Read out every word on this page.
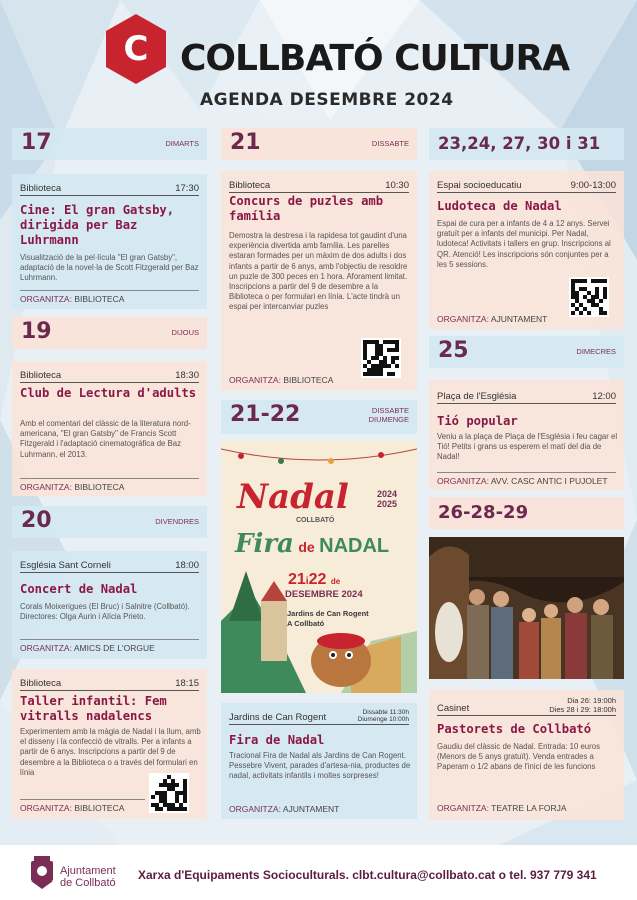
C COLLBATÓ CULTURA
AGENDA DESEMBRE 2024
17	DIMARTS
Biblioteca	17:30
Cine: El gran Gatsby, dirigida per Baz Luhrmann
Visualització de la pel·lícula "El gran Gatsby", adaptació de la novel·la de Scott Fitzgerald per Baz Luhrmann.
ORGANITZA: BIBLIOTECA
19	DIJOUS
Biblioteca	18:30
Club de Lectura d'adults
Amb el comentari del clàssic de la literatura nord-americana, "El gran Gatsby" de Francis Scott Fitzgerald i l'adaptació cinematogràfica de Baz Luhrmann, el 2013.
ORGANITZA: BIBLIOTECA
20	DIVENDRES
Església Sant Corneli	18:00
Concert de Nadal
Corals Moixerigues (El Bruc) i Salnitre (Collbató). Directores: Olga Aurin i Alícia Prieto.
ORGANITZA: AMICS DE L'ORGUE
Biblioteca	18:15
Taller infantil: Fem vitralls nadalencs
Experimentem amb la màgia de Nadal i la llum, amb el disseny i la confecció de vitralls. Per a infants a partir de 6 anys. Inscripcions a partir del 9 de desembre a la Biblioteca o a través del formulari en línia
ORGANITZA: BIBLIOTECA
21	DISSABTE
Biblioteca	10:30
Concurs de puzles amb família
Demostra la destresa i la rapidesa tot gaudint d'una experiència divertida amb família. Les parelles estaran formades per un màxim de dos adults i dos infants a partir de 6 anys, amb l'objectiu de resoldre un puzle de 300 peces en 1 hora. Aforament limitat. Inscripcions a partir del 9 de desembre a la Biblioteca o per formulari en línia. L'acte tindrà un espai per intercanviar puzles
ORGANITZA: BIBLIOTECA
21-22	DISSABTE
DIUMENGE
Nadal	2024
2025
COLLBATÓ
Fira de NADAL
21i22 de
DESEMBRE 2024
Jardins de Can Rogent
A Collbató
Jardins de Can Rogent	Dissabte 11:30h
Diumenge 10:00h
Fira de Nadal
Tracional Fira de Nadal als Jardins de Can Rogent. Pessebre Vivent, parades d'artesa-nia, productes de nadal, activitats infantils i moltes sorpreses!
ORGANITZA: AJUNTAMENT
23,24, 27, 30 i 31
Espai socioeducatiu	9:00-13:00
Ludoteca de Nadal
Espai de cura per a infants de 4 a 12 anys. Servei gratuït per a infants del municipi. Per Nadal, ludoteca! Activitats i tallers en grup. Inscripcions al QR. Atenció! Les inscripcions són conjuntes per a les 5 sessions.
ORGANITZA: AJUNTAMENT
25	DIMECRES
Plaça de l'Església	12:00
Tió popular
Veniu a la plaça de Plaça de l'Església i feu cagar el Tió! Petits i grans us esperem el matí del dia de Nadal!
ORGANITZA: AVV. CASC ANTIC I PUJOLET
26-28-29
Casinet
Dia 26: 19:00h
Dies 28 i 29: 18:00h
Pastorets de Collbató
Gaudiu del clàssic de Nadal. Entrada: 10 euros (Menors de 5 anys gratuït). Venda entrades a Paperam o 1/2 abans de l'inici de les funcions
ORGANITZA: TEATRE LA FORJA
Ajuntament
de Collbató
Xarxa d'Equipaments Socioculturals. clbt.cultura@collbato.cat o tel. 937 779 341
